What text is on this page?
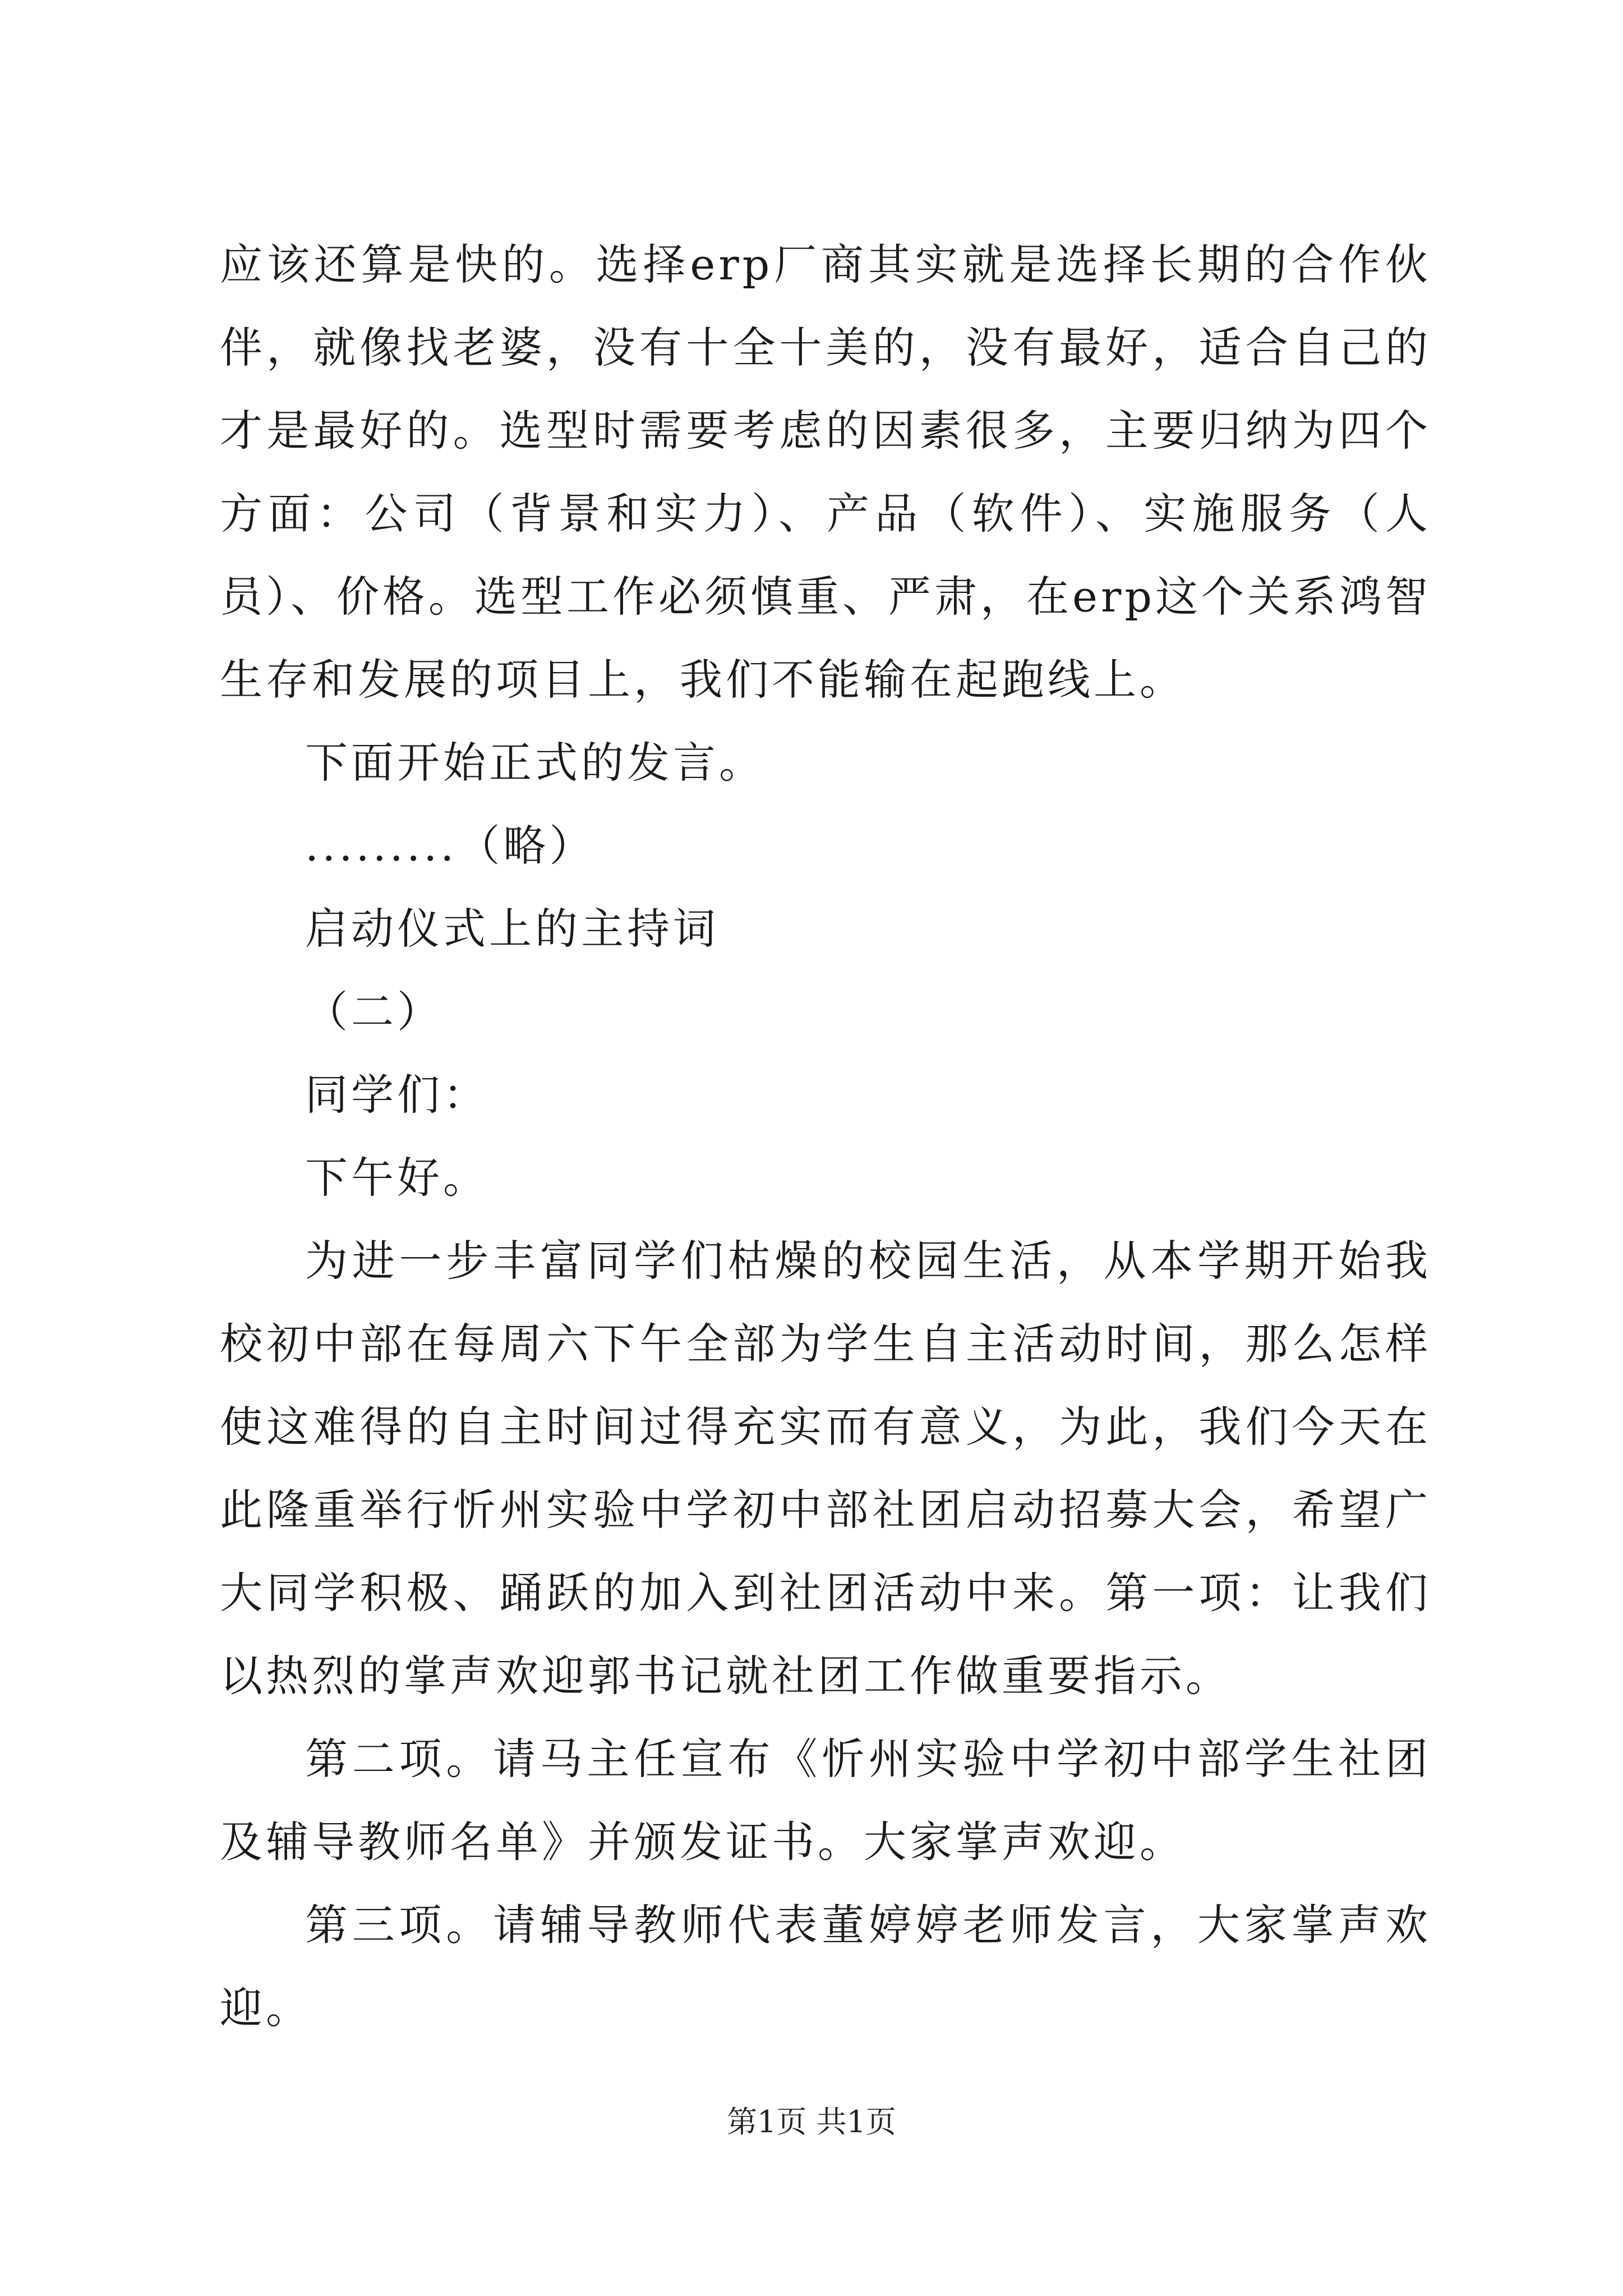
应该还算是快的。选择erp厂商其实就是选择长期的合作伙伴，就像找老婆，没有十全十美的，没有最好，适合自己的才是最好的。选型时需要考虑的因素很多，主要归纳为四个方面：公司（背景和实力）、产品（软件）、实施服务（人员）、价格。选型工作必须慎重、严肃，在erp这个关系鸿智生存和发展的项目上，我们不能输在起跑线上。

下面开始正式的发言。

.........（略）

启动仪式上的主持词

（二）

同学们：

下午好。

为进一步丰富同学们枯燥的校园生活，从本学期开始我校初中部在每周六下午全部为学生自主活动时间，那么怎样使这难得的自主时间过得充实而有意义，为此，我们今天在此隆重举行忻州实验中学初中部社团启动招募大会，希望广大同学积极、踊跃的加入到社团活动中来。第一项：让我们以热烈的掌声欢迎郭书记就社团工作做重要指示。

第二项。请马主任宣布《忻州实验中学初中部学生社团及辅导教师名单》并颁发证书。大家掌声欢迎。

第三项。请辅导教师代表董婷婷老师发言，大家掌声欢迎。

第1页 共1页
